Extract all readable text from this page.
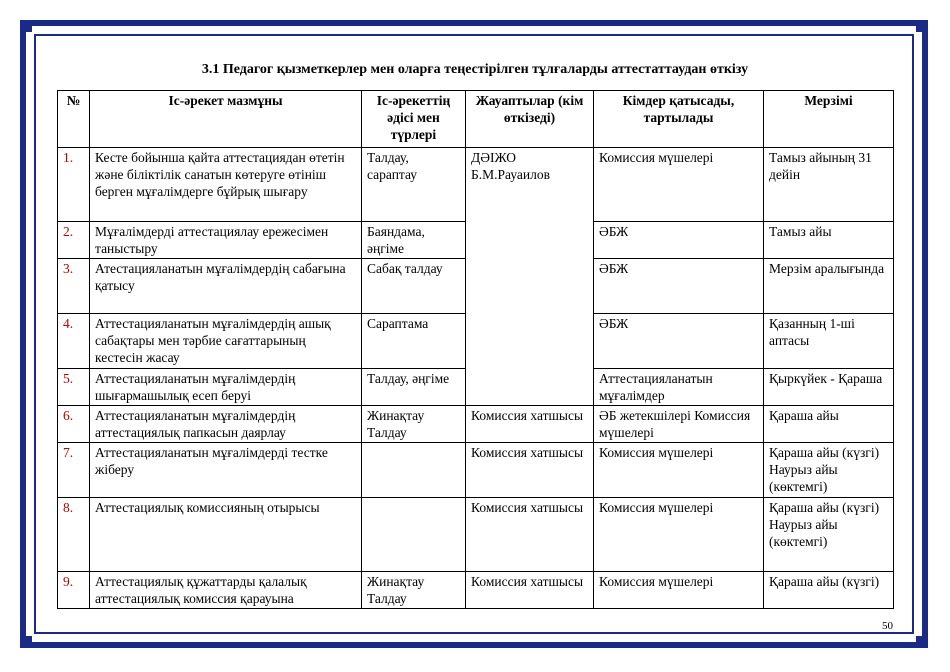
3.1 Педагог қызметкерлер мен оларға теңестірілген тұлғаларды аттестаттаудан өткізу
№	Іс-әрекет мазмұны	Іс-әрекеттің әдісі мен түрлері	Жауаптылар (кім өткізеді)	Кімдер қатысады, тартылады	Мерзімі
1.	Кесте бойынша қайта аттестациядан өтетін және біліктілік санатын көтеруге өтініш берген мұғалімдерге бұйрық шығару	Талдау, сараптау	ДӘІЖО Б.М.Рауаилов	Комиссия мүшелері	Тамыз айының 31 дейін
2.	Мұғалімдерді аттестациялау ережесімен таныстыру	Баяндама, әңгіме		ӘБЖ	Тамыз айы
3.	Атестацияланатын мұғалімдердің сабағына қатысу	Сабақ талдау		ӘБЖ	Мерзім аралығында
4.	Аттестацияланатын мұғалімдердің ашық сабақтары мен тәрбие сағаттарының кестесін жасау	Сараптама		ӘБЖ	Қазанның 1-ші аптасы
5.	Аттестацияланатын мұғалімдердің шығармашылық есеп беруі	Талдау, әңгіме		Аттестацияланатын мұғалімдер	Қыркүйек - Қараша
6.	Аттестацияланатын мұғалімдердің аттестациялық папкасын даярлау	Жинақтау Талдау	Комиссия хатшысы	ӘБ жетекшілері Комиссия мүшелері	Қараша айы
7.	Аттестацияланатын мұғалімдерді тестке жіберу		Комиссия хатшысы	Комиссия мүшелері	Қараша айы (күзгі) Наурыз айы (көктемгі)
8.	Аттестациялық комиссияның отырысы		Комиссия хатшысы	Комиссия мүшелері	Қараша айы (күзгі) Наурыз айы (көктемгі)
9.	Аттестациялық құжаттарды қалалық аттестациялық комиссия қарауына	Жинақтау Талдау	Комиссия хатшысы	Комиссия мүшелері	Қараша айы (күзгі)
50
